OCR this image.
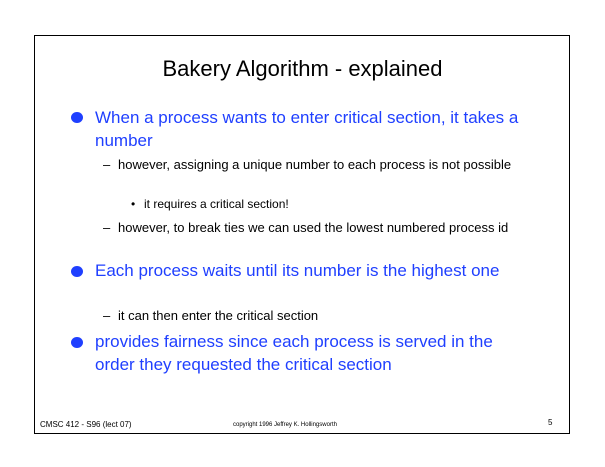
Bakery Algorithm - explained
When a process wants to enter critical section, it takes a number
– however, assigning a unique number to each process is not possible
• it requires a critical section!
– however, to break ties we can used the lowest numbered process id
Each process waits until its number is the highest one
– it can then enter the critical section
provides fairness since each process is served in the order they requested the critical section
CMSC 412 - S96 (lect 07)	copyright 1996 Jeffrey K. Hollingsworth	5
